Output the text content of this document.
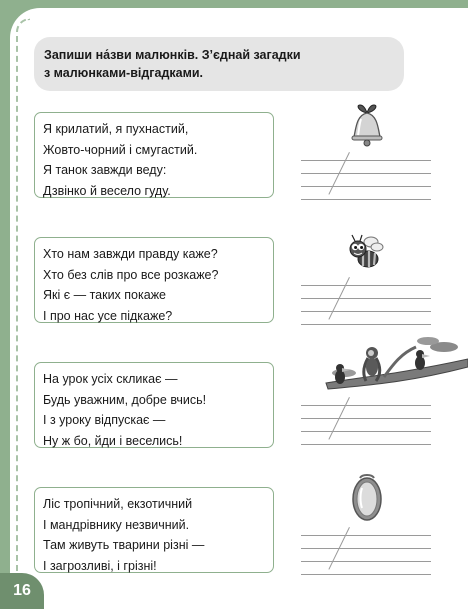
Запиши на́зви малюнків. З’єднай загадки
з малюнками-відгадками.
Я крилатий, я пухнастий,
Жовто-чорний і смугастий.
Я танок завжди веду:
Дзвінко й весело гуду.
Хто нам завжди правду каже?
Хто без слів про все розкаже?
Які є — таких покаже
І про нас усе підкаже?
На урок усіх скликає —
Будь уважним, добре вчись!
І з уроку відпускає —
Ну ж бо, йди і веселись!
Ліс тропічний, екзотичний
І мандрівнику незвичний.
Там живуть тварини різні —
І загрозливі, і грізні!
16
